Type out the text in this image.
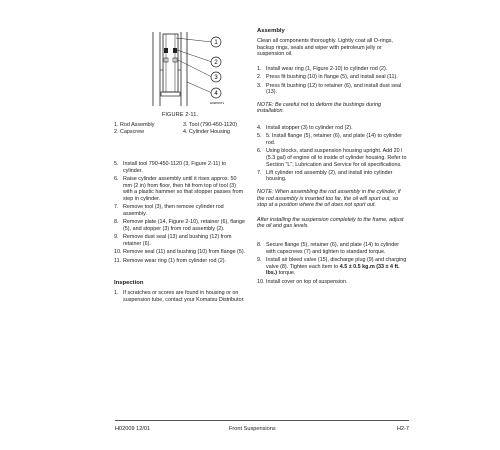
1
2
3
4
H02P0071
FIGURE 2-11.
1. Rod Assembly	3. Tool (790-450-1120)
2. Capscrew	4. Cylinder Housing
5. Install tool 790-450-1120 (3, Figure 2-11) to cylinder.
6. Raise cylinder assembly until it rises approx. 50 mm (2 in) from floor, then hit from top of tool (3) with a plastic hammer so that stopper passes from step in cylinder.
7. Remove tool (3), then remove cylinder rod assembly.
8. Remove plate (14, Figure 2-10), retainer (6), flange (5), and stopper (3) from rod assembly (2).
9. Remove dust seal (13) and bushing (12) from retainer (6).
10. Remove seal (11) and bushing (10) from flange (5).
11. Remove wear ring (1) from cylinder rod (2).
Inspection
1. If scratches or scores are found in housing or on suspension tube, contact your Komatsu Distributor.
Assembly
Clean all components thoroughly. Lightly coat all O-rings, backup rings, seals and wiper with petroleum jelly or suspension oil.
1. Install wear ring (1, Figure 2-10) to cylinder rod (2).
2. Press fit bushing (10) in flange (5), and install seal (11).
3. Press fit bushing (12) to retainer (6), and install dust seal (13).
NOTE: Be careful not to deform the bushings during installation.
4. Install stopper (3) to cylinder rod (2).
5. 5. Install flange (5), retainer (6), and plate (14) to cylinder rod.
6. Using blocks, stand suspension housing upright. Add 20 l (5.3 gal) of engine oil to inside of cylinder housing. Refer to Section "L", Lubrication and Service for oil specifications.
7. Lift cylinder rod assembly (2), and install into cylinder housing.
NOTE: When assembling the rod assembly in the cylinder, if the rod assembly is inserted too far, the oil will spurt out, so stop at a position where the oil does not spurt out.
After installing the suspension completely to the frame, adjust the oil and gas levels.
8. Secure flange (5), retainer (6), and plate (14) to cylinder with capscrews (7) and tighten to standard torque.
9. Install air bleed valve (15), discharge plug (9) and charging valve (8). Tighten each item to 4.5 ± 0.5 kg.m (33 ± 4 ft. lbs.) torque.
10. Install cover on top of suspension.
H02009 12/01	Front Suspensions	H2-7
